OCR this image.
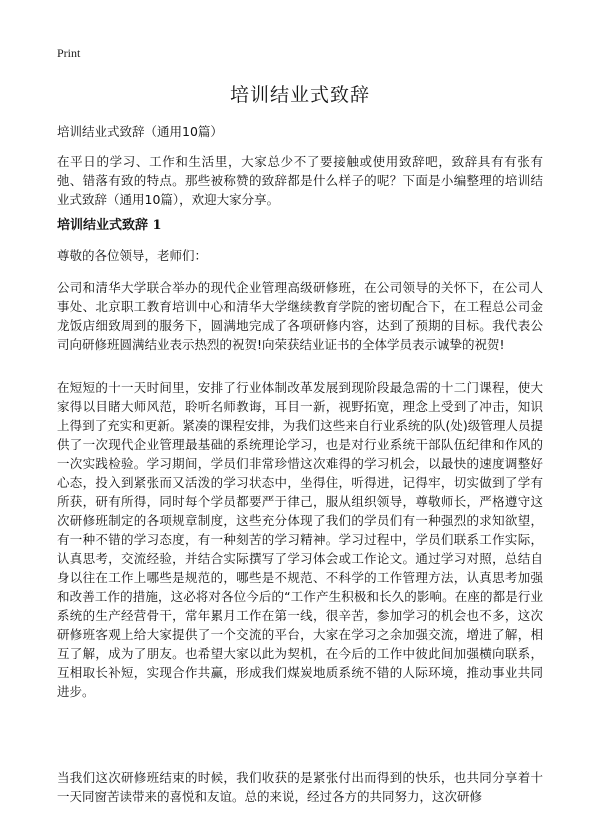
Print
培训结业式致辞
培训结业式致辞（通用10篇）

在平日的学习、工作和生活里，大家总少不了要接触或使用致辞吧，致辞具有有张有弛、错落有致的特点。那些被称赞的致辞都是什么样子的呢？下面是小编整理的培训结业式致辞（通用10篇），欢迎大家分享。

培训结业式致辞 1

尊敬的各位领导，老师们：

公司和清华大学联合举办的现代企业管理高级研修班，在公司领导的关怀下，在公司人事处、北京职工教育培训中心和清华大学继续教育学院的密切配合下，在工程总公司金龙饭店细致周到的服务下，圆满地完成了各项研修内容，达到了预期的目标。我代表公司向研修班圆满结业表示热烈的祝贺!向荣获结业证书的全体学员表示诚挚的祝贺!

在短短的十一天时间里，安排了行业体制改革发展到现阶段最急需的十二门课程，使大家得以目睹大师风范，聆听名师教诲，耳目一新，视野拓宽，理念上受到了冲击，知识上得到了充实和更新。紧凑的课程安排，为我们这些来自行业系统的队(处)级管理人员提供了一次现代企业管理最基础的系统理论学习，也是对行业系统干部队伍纪律和作风的一次实践检验。学习期间，学员们非常珍惜这次难得的学习机会，以最快的速度调整好心态，投入到紧张而又活泼的学习状态中，坐得住，听得进，记得牢，切实做到了学有所获，研有所得，同时每个学员都要严于律己，服从组织领导，尊敬师长，严格遵守这次研修班制定的各项规章制度，这些充分体现了我们的学员们有一种强烈的求知欲望，有一种不错的学习态度，有一种刻苦的学习精神。学习过程中，学员们联系工作实际，认真思考，交流经验，并结合实际撰写了学习体会或工作论文。通过学习对照，总结自身以往在工作上哪些是规范的，哪些是不规范、不科学的工作管理方法，认真思考加强和改善工作的措施，这必将对各位今后的“工作产生积极和长久的影响。在座的都是行业系统的生产经营骨干，常年累月工作在第一线，很辛苦，参加学习的机会也不多，这次研修班客观上给大家提供了一个交流的平台，大家在学习之余加强交流，增进了解，相互了解，成为了朋友。也希望大家以此为契机，在今后的工作中彼此间加强横向联系，互相取长补短，实现合作共赢，形成我们煤炭地质系统不错的人际环境，推动事业共同进步。

当我们这次研修班结束的时候，我们收获的是紧张付出而得到的快乐，也共同分享着十一天同窗苦读带来的喜悦和友谊。总的来说，经过各方的共同努力，这次研修
